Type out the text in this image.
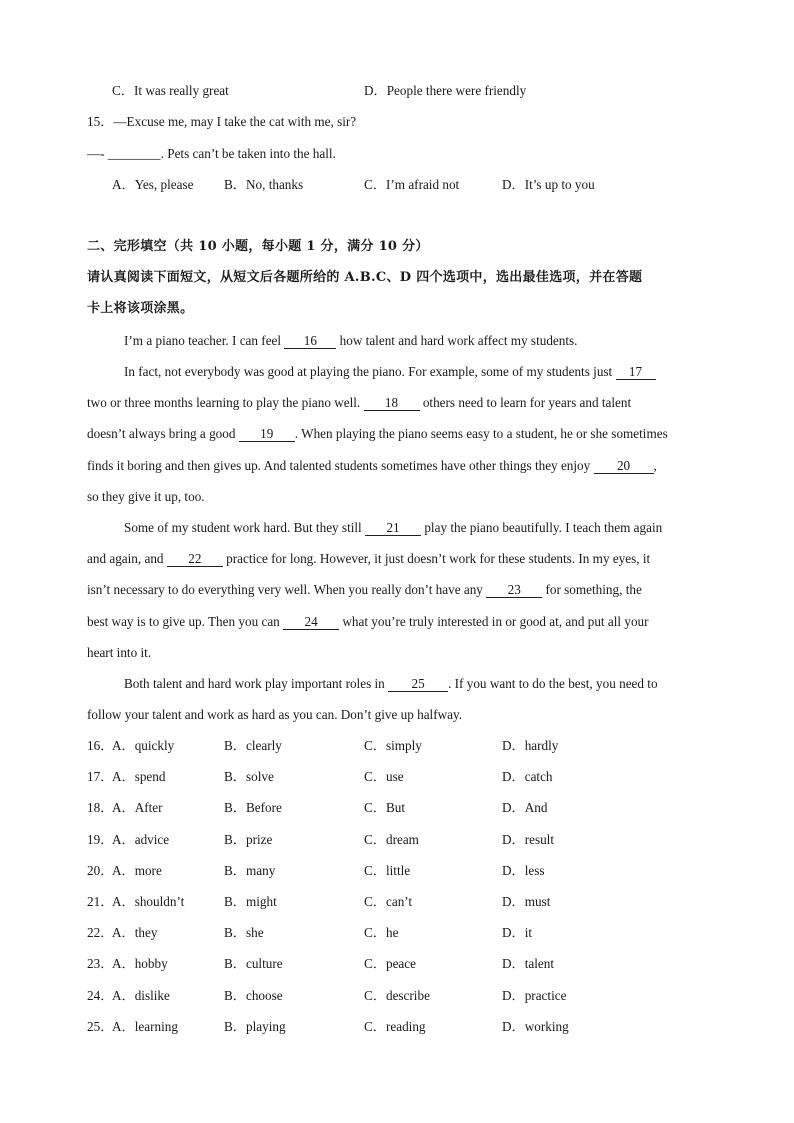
C．It was really great	D．People there were friendly
15．—Excuse me, may I take the cat with me, sir?
—- ________. Pets can’t be taken into the hall.
A．Yes, please B．No, thanks	C．I’m afraid not	D．It’s up to you
二、完形填空（共 10 小题，每小题 1 分，满分 10 分）
请认真阅读下面短文，从短文后各题所给的 A.B.C、D 四个选项中，选出最佳选项，并在答题
卡上将该项涂黑。
I’m a piano teacher. I can feel 16 how talent and hard work affect my students.
In fact, not everybody was good at playing the piano. For example, some of my students just 17
two or three months learning to play the piano well. 18 others need to learn for years and talent
doesn’t always bring a good 19 . When playing the piano seems easy to a student, he or she sometimes
finds it boring and then gives up. And talented students sometimes have other things they enjoy 20 ,
so they give it up, too.
Some of my student work hard. But they still 21 play the piano beautifully. I teach them again
and again, and 22 practice for long. However, it just doesn’t work for these students. In my eyes, it
isn’t necessary to do everything very well. When you really don’t have any 23 for something, the
best way is to give up. Then you can 24 what you’re truly interested in or good at, and put all your
heart into it.
Both talent and hard work play important roles in 25 . If you want to do the best, you need to
follow your talent and work as hard as you can. Don’t give up halfway.
16．
A．quickly	B．clearly	C．simply	D．hardly
17．
A．spend	B．solve	C．use	D．catch
18．
A．After	B．Before	C．But	D．And
19．
A．advice	B．prize	C．dream	D．result
20．
A．more	B．many	C．little	D．less
21．
A．shouldn’t	B．might	C．can’t	D．must
22．
A．they	B．she	C．he	D．it
23．
A．hobby	B．culture	C．peace	D．talent
24．
A．dislike	B．choose	C．describe	D．practice
25．
A．learning	B．playing	C．reading	D．working
